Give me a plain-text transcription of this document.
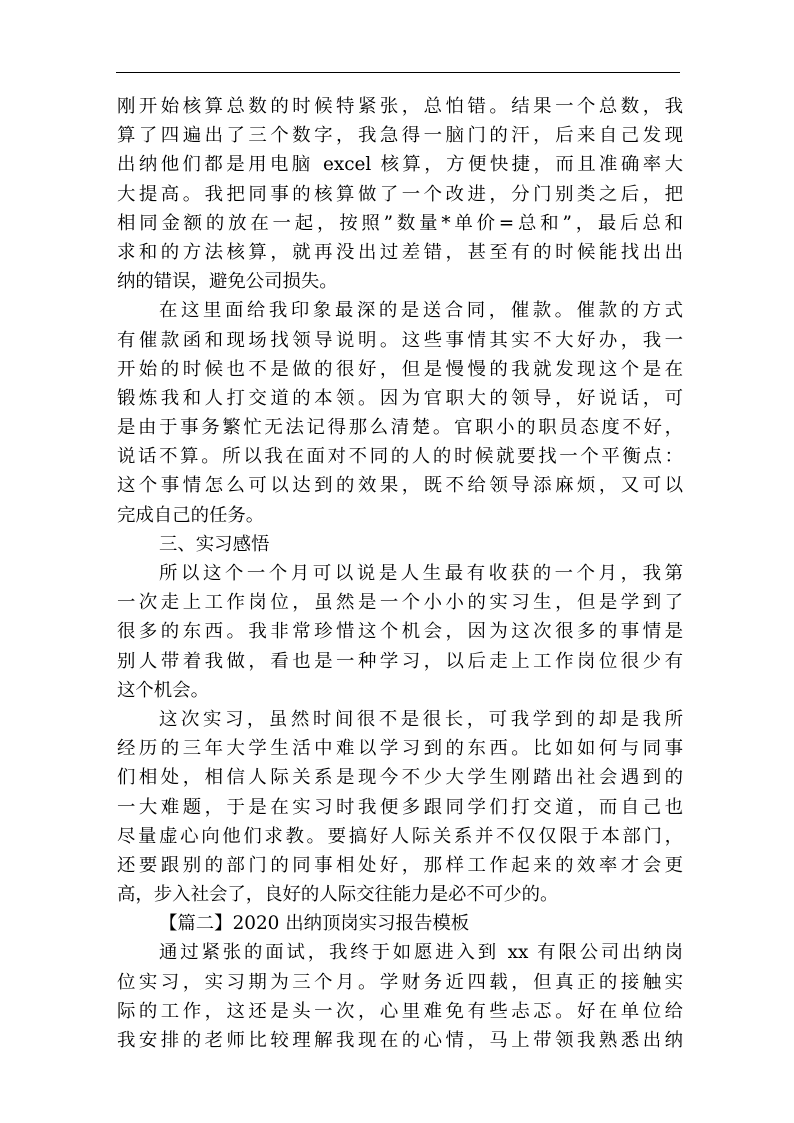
刚开始核算总数的时候特紧张，总怕错。结果一个总数，我
算了四遍出了三个数字，我急得一脑门的汗，后来自己发现
出纳他们都是用电脑 excel 核算，方便快捷，而且准确率大
大提高。我把同事的核算做了一个改进，分门别类之后，把
相同金额的放在一起，按照”数量*单价=总和”，最后总和
求和的方法核算，就再没出过差错，甚至有的时候能找出出
纳的错误，避免公司损失。
在这里面给我印象最深的是送合同，催款。催款的方式
有催款函和现场找领导说明。这些事情其实不大好办，我一
开始的时候也不是做的很好，但是慢慢的我就发现这个是在
锻炼我和人打交道的本领。因为官职大的领导，好说话，可
是由于事务繁忙无法记得那么清楚。官职小的职员态度不好，
说话不算。所以我在面对不同的人的时候就要找一个平衡点：
这个事情怎么可以达到的效果，既不给领导添麻烦，又可以
完成自己的任务。
三、实习感悟
所以这个一个月可以说是人生最有收获的一个月，我第
一次走上工作岗位，虽然是一个小小的实习生，但是学到了
很多的东西。我非常珍惜这个机会，因为这次很多的事情是
别人带着我做，看也是一种学习，以后走上工作岗位很少有
这个机会。
这次实习，虽然时间很不是很长，可我学到的却是我所
经历的三年大学生活中难以学习到的东西。比如如何与同事
们相处，相信人际关系是现今不少大学生刚踏出社会遇到的
一大难题，于是在实习时我便多跟同学们打交道，而自己也
尽量虚心向他们求教。要搞好人际关系并不仅仅限于本部门，
还要跟别的部门的同事相处好，那样工作起来的效率才会更
高，步入社会了，良好的人际交往能力是必不可少的。
【篇二】2020 出纳顶岗实习报告模板
通过紧张的面试，我终于如愿进入到 xx 有限公司出纳岗
位实习，实习期为三个月。学财务近四载，但真正的接触实
际的工作，这还是头一次，心里难免有些忐忑。好在单位给
我安排的老师比较理解我现在的心情，马上带领我熟悉出纳
